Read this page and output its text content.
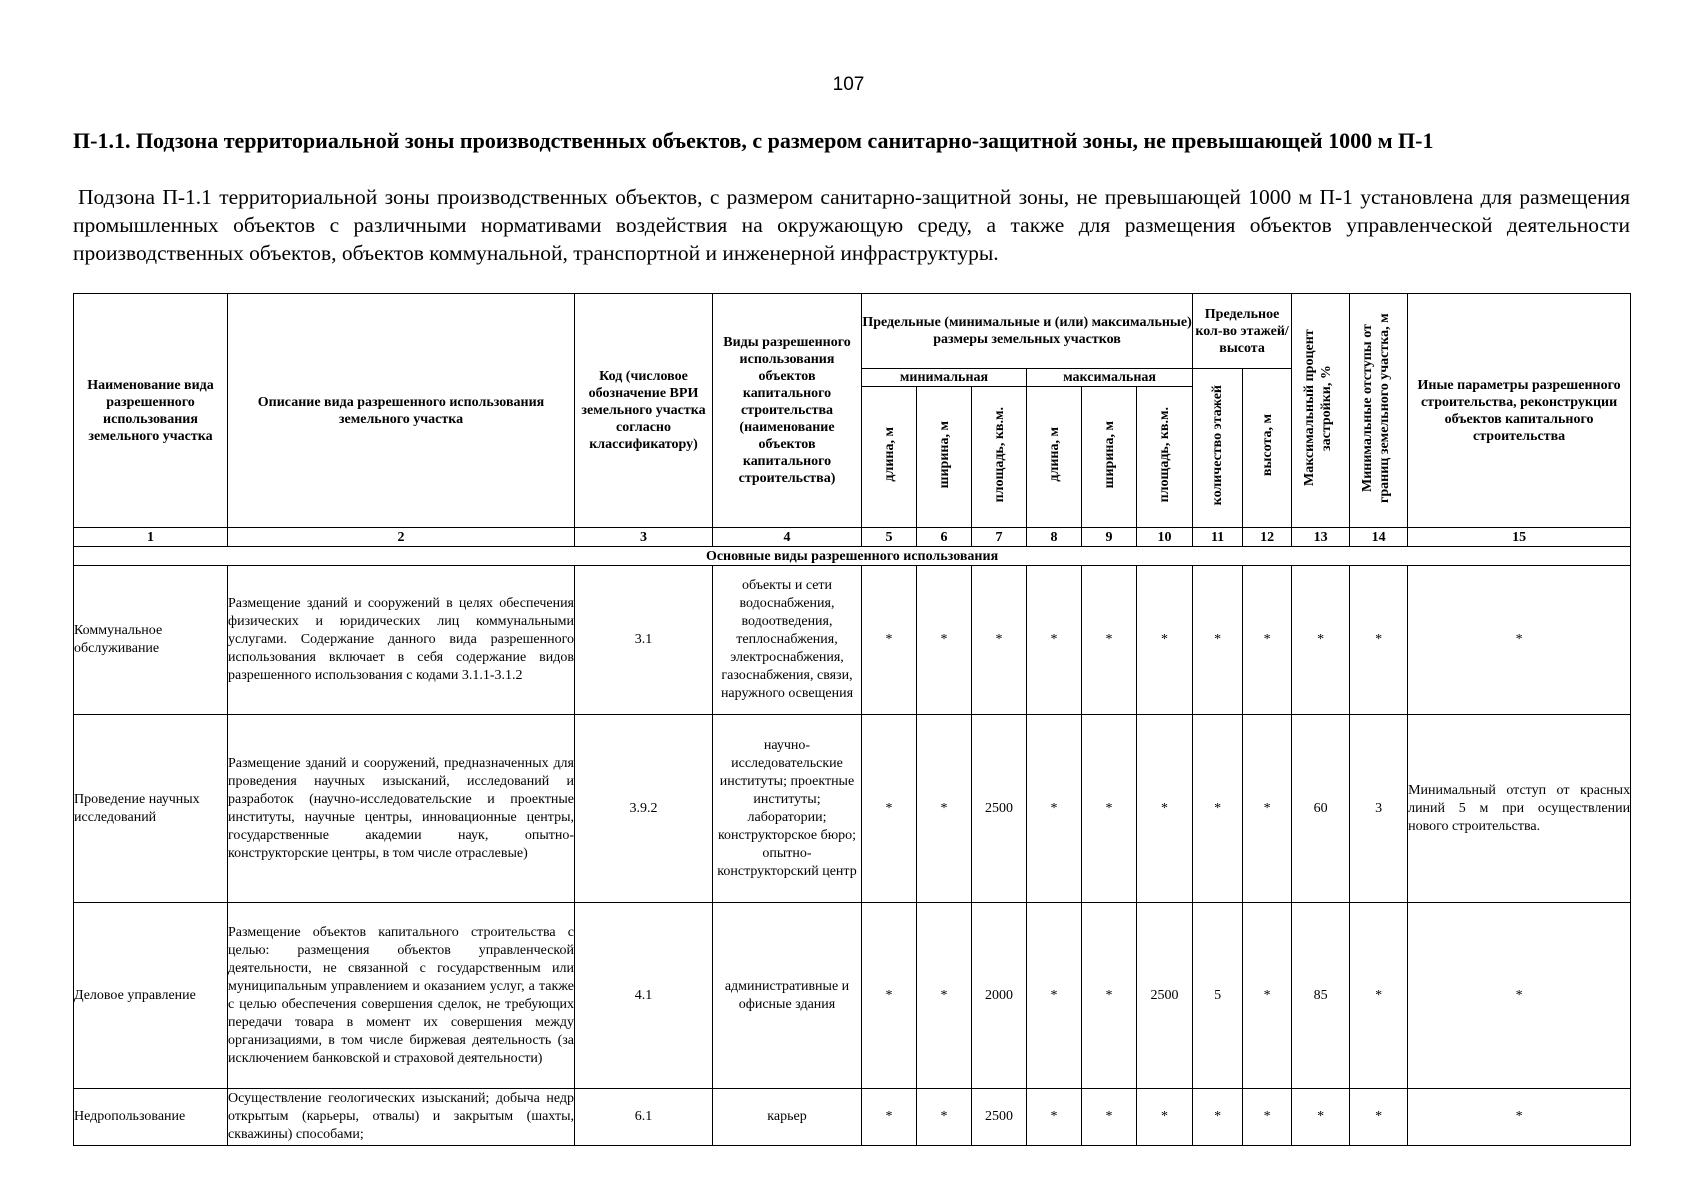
107
П-1.1. Подзона территориальной зоны производственных объектов, с размером санитарно-защитной зоны, не превышающей 1000 м П-1
Подзона П-1.1 территориальной зоны производственных объектов, с размером санитарно-защитной зоны, не превышающей 1000 м П-1 установлена для размещения промышленных объектов с различными нормативами воздействия на окружающую среду, а также для размещения объектов управленческой деятельности производственных объектов, объектов коммунальной, транспортной и инженерной инфраструктуры.
Наименование вида разрешенного использования земельного участка	Описание вида разрешенного использования земельного участка	Код (числовое обозначение ВРИ земельного участка согласно классификатору)	Виды разрешенного использования объектов капитального строительства (наименование объектов капитального строительства)	Предельные (минимальные и (или) максимальные) размеры земельных участков						Предельное кол-во этажей/ высота		Максимальный процент застройки, %	Минимальные отступы от границ земельного участка, м	Иные параметры разрешенного строительства, реконструкции объектов капитального строительства
				минимальная			максимальная			количество этажей	высота, м			
				длина, м	ширина, м	площадь, кв.м.	длина, м	ширина, м	площадь, кв.м.					
1	2	3	4	5	6	7	8	9	10	11	12	13	14	15
Основные виды разрешенного использования														
Коммунальное обслуживание	Размещение зданий и сооружений в целях обеспечения физических и юридических лиц коммунальными услугами. Содержание данного вида разрешенного использования включает в себя содержание видов разрешенного использования с кодами 3.1.1-3.1.2	3.1	объекты и сети водоснабжения, водоотведения, теплоснабжения, электроснабжения, газоснабжения, связи, наружного освещения	*	*	*	*	*	*	*	*	*	*	*
Проведение научных исследований	Размещение зданий и сооружений, предназначенных для проведения научных изысканий, исследований и разработок (научно-исследовательские и проектные институты, научные центры, инновационные центры, государственные академии наук, опытно-конструкторские центры, в том числе отраслевые)	3.9.2	научно-исследовательские институты; проектные институты; лаборатории; конструкторское бюро; опытно-конструкторский центр	*	*	2500	*	*	*	*	*	60	3	Минимальный отступ от красных линий 5 м при осуществлении нового строительства.
Деловое управление	Размещение объектов капитального строительства с целью: размещения объектов управленческой деятельности, не связанной с государственным или муниципальным управлением и оказанием услуг, а также с целью обеспечения совершения сделок, не требующих передачи товара в момент их совершения между организациями, в том числе биржевая деятельность (за исключением банковской и страховой деятельности)	4.1	административные и офисные здания	*	*	2000	*	*	2500	5	*	85	*	*
Недропользование	Осуществление геологических изысканий; добыча недр открытым (карьеры, отвалы) и закрытым (шахты, скважины) способами;	6.1	карьер	*	*	2500	*	*	*	*	*	*	*	*
